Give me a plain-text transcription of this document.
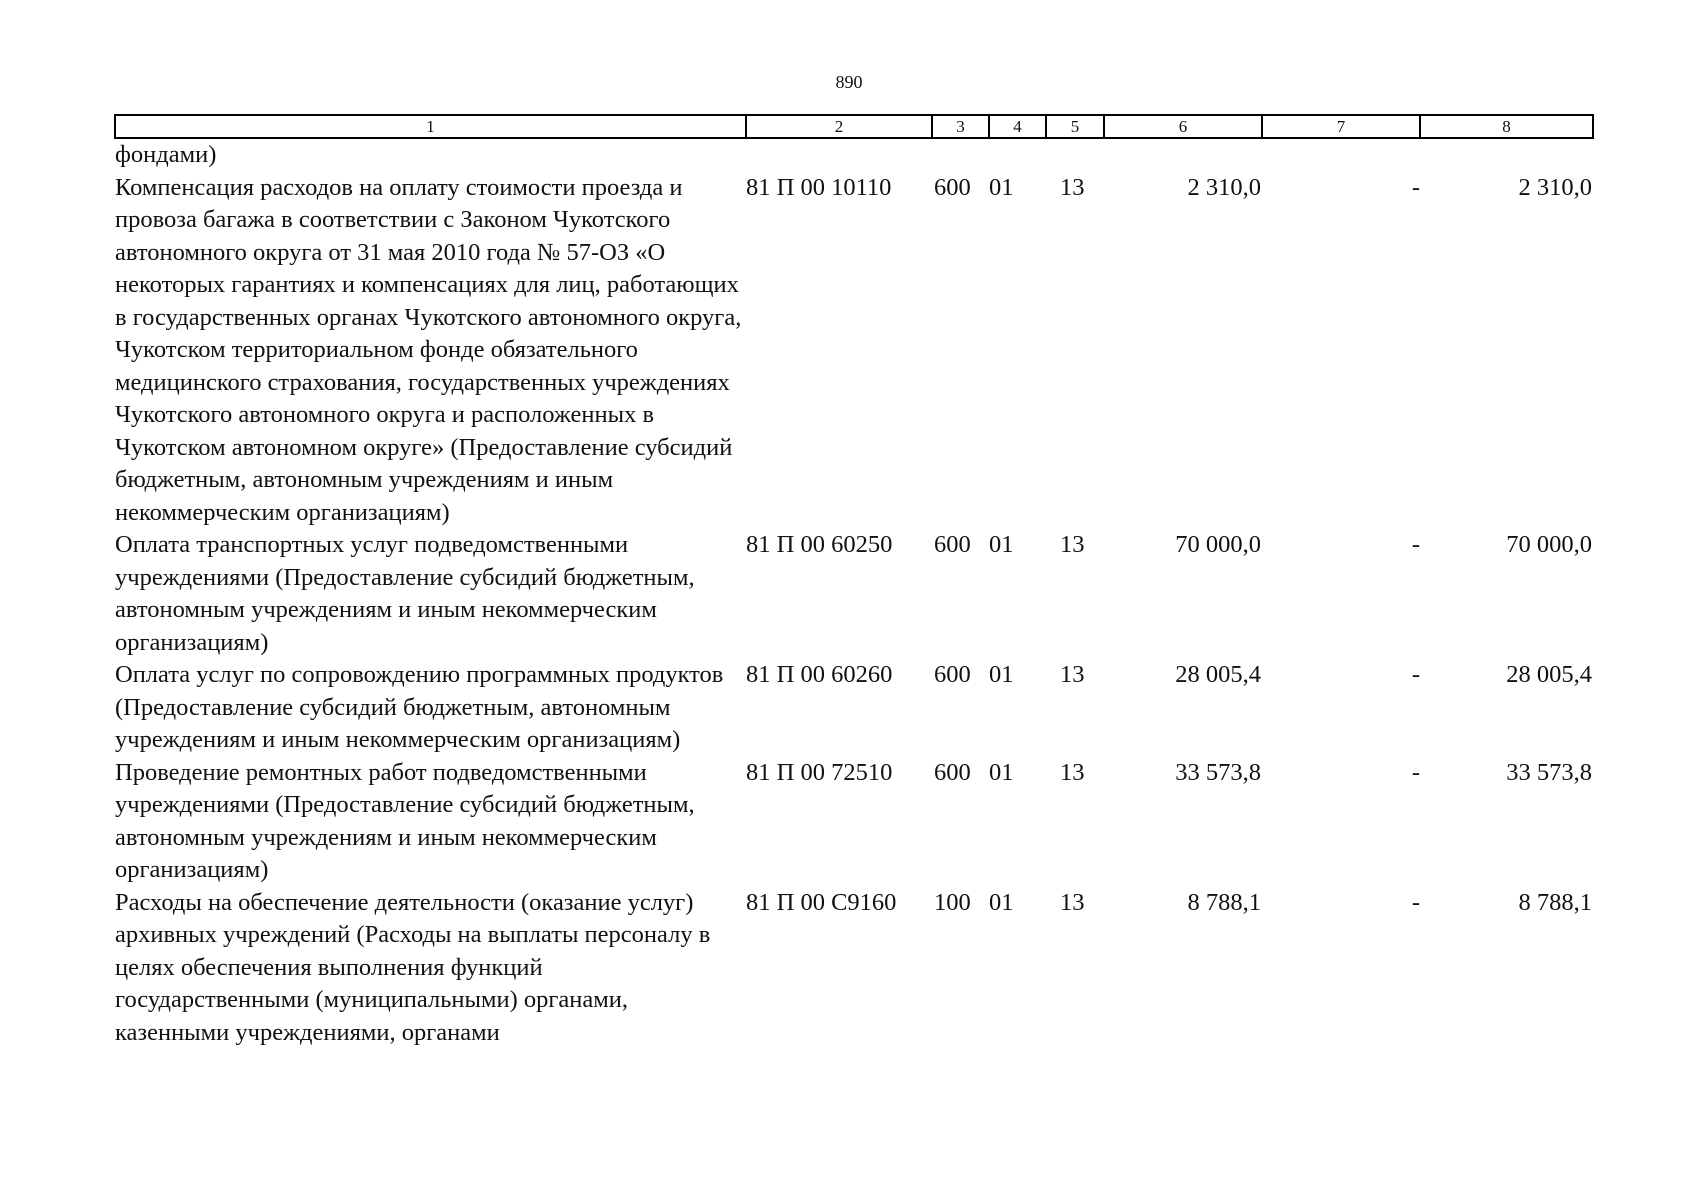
890
1	2	3	4	5	6	7	8
фондами)							
Компенсация расходов на оплату стоимости проезда и провоза багажа в соответствии с Законом Чукотского автономного округа от 31 мая 2010 года № 57-ОЗ «О некоторых гарантиях и компенсациях для лиц, работающих в государственных органах Чукотского автономного округа, Чукотском территориальном фонде обязательного медицинского страхования, государственных учреждениях Чукотского автономного округа и расположенных в Чукотском автономном округе» (Предоставление субсидий бюджетным, автономным учреждениям и иным некоммерческим организациям)	81 П 00 10110	600	01	13	2 310,0	-	2 310,0
Оплата транспортных услуг подведомственными учреждениями (Предоставление субсидий бюджетным, автономным учреждениям и иным некоммерческим организациям)	81 П 00 60250	600	01	13	70 000,0	-	70 000,0
Оплата услуг по сопровождению программных продуктов (Предоставление субсидий бюджетным, автономным учреждениям и иным некоммерческим организациям)	81 П 00 60260	600	01	13	28 005,4	-	28 005,4
Проведение ремонтных работ подведомственными учреждениями (Предоставление субсидий бюджетным, автономным учреждениям и иным некоммерческим организациям)	81 П 00 72510	600	01	13	33 573,8	-	33 573,8
Расходы на обеспечение деятельности (оказание услуг) архивных учреждений (Расходы на выплаты персоналу в целях обеспечения выполнения функций государственными (муниципальными) органами, казенными учреждениями, органами	81 П 00 С9160	100	01	13	8 788,1	-	8 788,1
